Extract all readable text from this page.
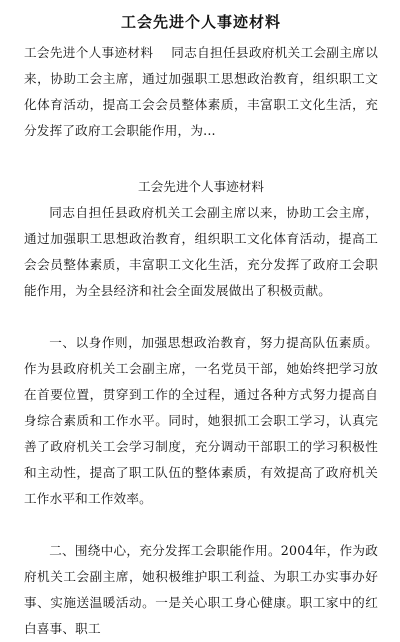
工会先进个人事迹材料

工会先进个人事迹材料 同志自担任县政府机关工会副主席以来，协助工会主席，通过加强职工思想政治教育，组织职工文化体育活动，提高工会会员整体素质，丰富职工文化生活，充分发挥了政府工会职能作用，为...

工会先进个人事迹材料

同志自担任县政府机关工会副主席以来，协助工会主席，通过加强职工思想政治教育，组织职工文化体育活动，提高工会会员整体素质，丰富职工文化生活，充分发挥了政府工会职能作用，为全县经济和社会全面发展做出了积极贡献。

一、以身作则，加强思想政治教育，努力提高队伍素质。作为县政府机关工会副主席，一名党员干部，她始终把学习放在首要位置，贯穿到工作的全过程，通过各种方式努力提高自身综合素质和工作水平。同时，她狠抓工会职工学习，认真完善了政府机关工会学习制度，充分调动干部职工的学习积极性和主动性，提高了职工队伍的整体素质，有效提高了政府机关工作水平和工作效率。

二、围绕中心，充分发挥工会职能作用。2004年，作为政府机关工会副主席，她积极维护职工利益、为职工办实事办好事、实施送温暖活动。一是关心职工身心健康。职工家中的红白喜事、职工
